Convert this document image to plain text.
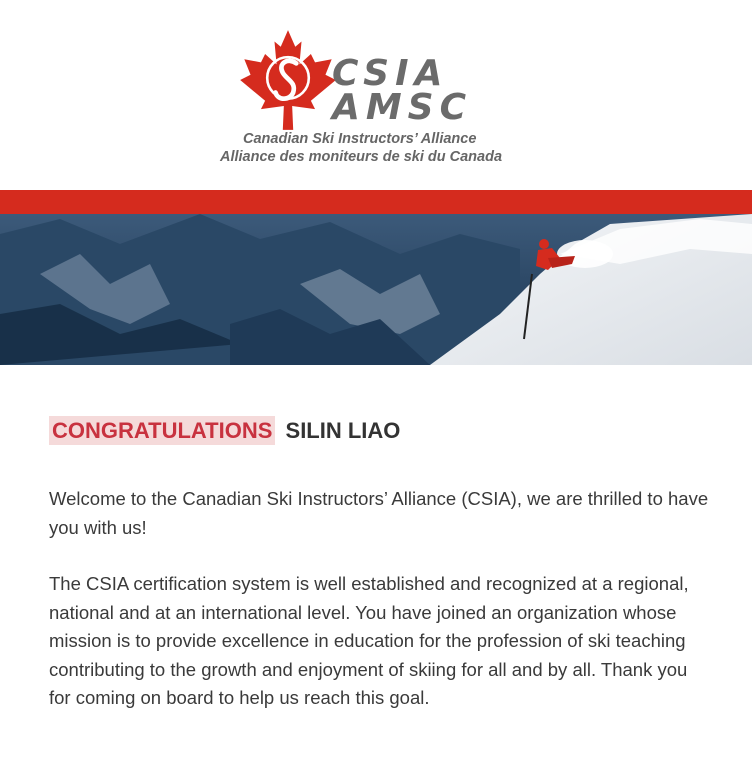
CSIA
AMSC
Canadian Ski Instructors’ Alliance
Alliance des moniteurs de ski du Canada
CONGRATULATIONS SILIN LIAO

Welcome to the Canadian Ski Instructors’ Alliance (CSIA), we are thrilled to have you with us!

The CSIA certification system is well established and recognized at a regional, national and at an international level. You have joined an organization whose mission is to provide excellence in education for the profession of ski teaching contributing to the growth and enjoyment of skiing for all and by all. Thank you for coming on board to help us reach this goal.
